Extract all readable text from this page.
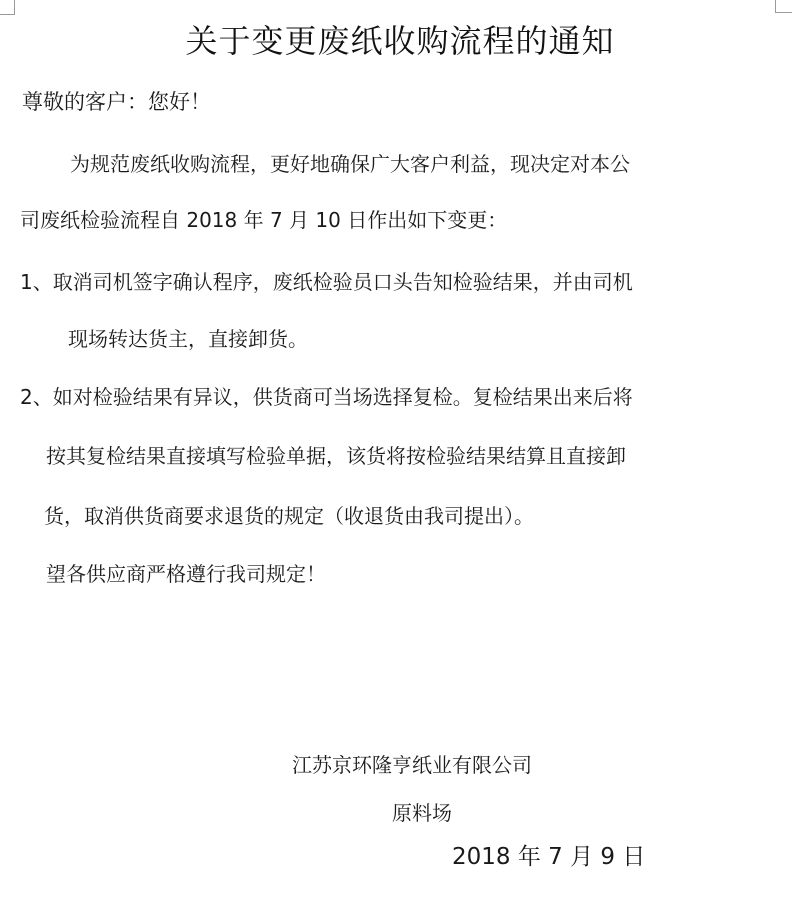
关于变更废纸收购流程的通知
尊敬的客户：您好！
为规范废纸收购流程，更好地确保广大客户利益，现决定对本公
司废纸检验流程自 2018 年 7 月 10 日作出如下变更：
1、取消司机签字确认程序，废纸检验员口头告知检验结果，并由司机
现场转达货主，直接卸货。
2、如对检验结果有异议，供货商可当场选择复检。复检结果出来后将
按其复检结果直接填写检验单据，该货将按检验结果结算且直接卸
货，取消供货商要求退货的规定（收退货由我司提出）。
望各供应商严格遵行我司规定！
江苏京环隆亨纸业有限公司
原料场
2018 年 7 月 9 日
